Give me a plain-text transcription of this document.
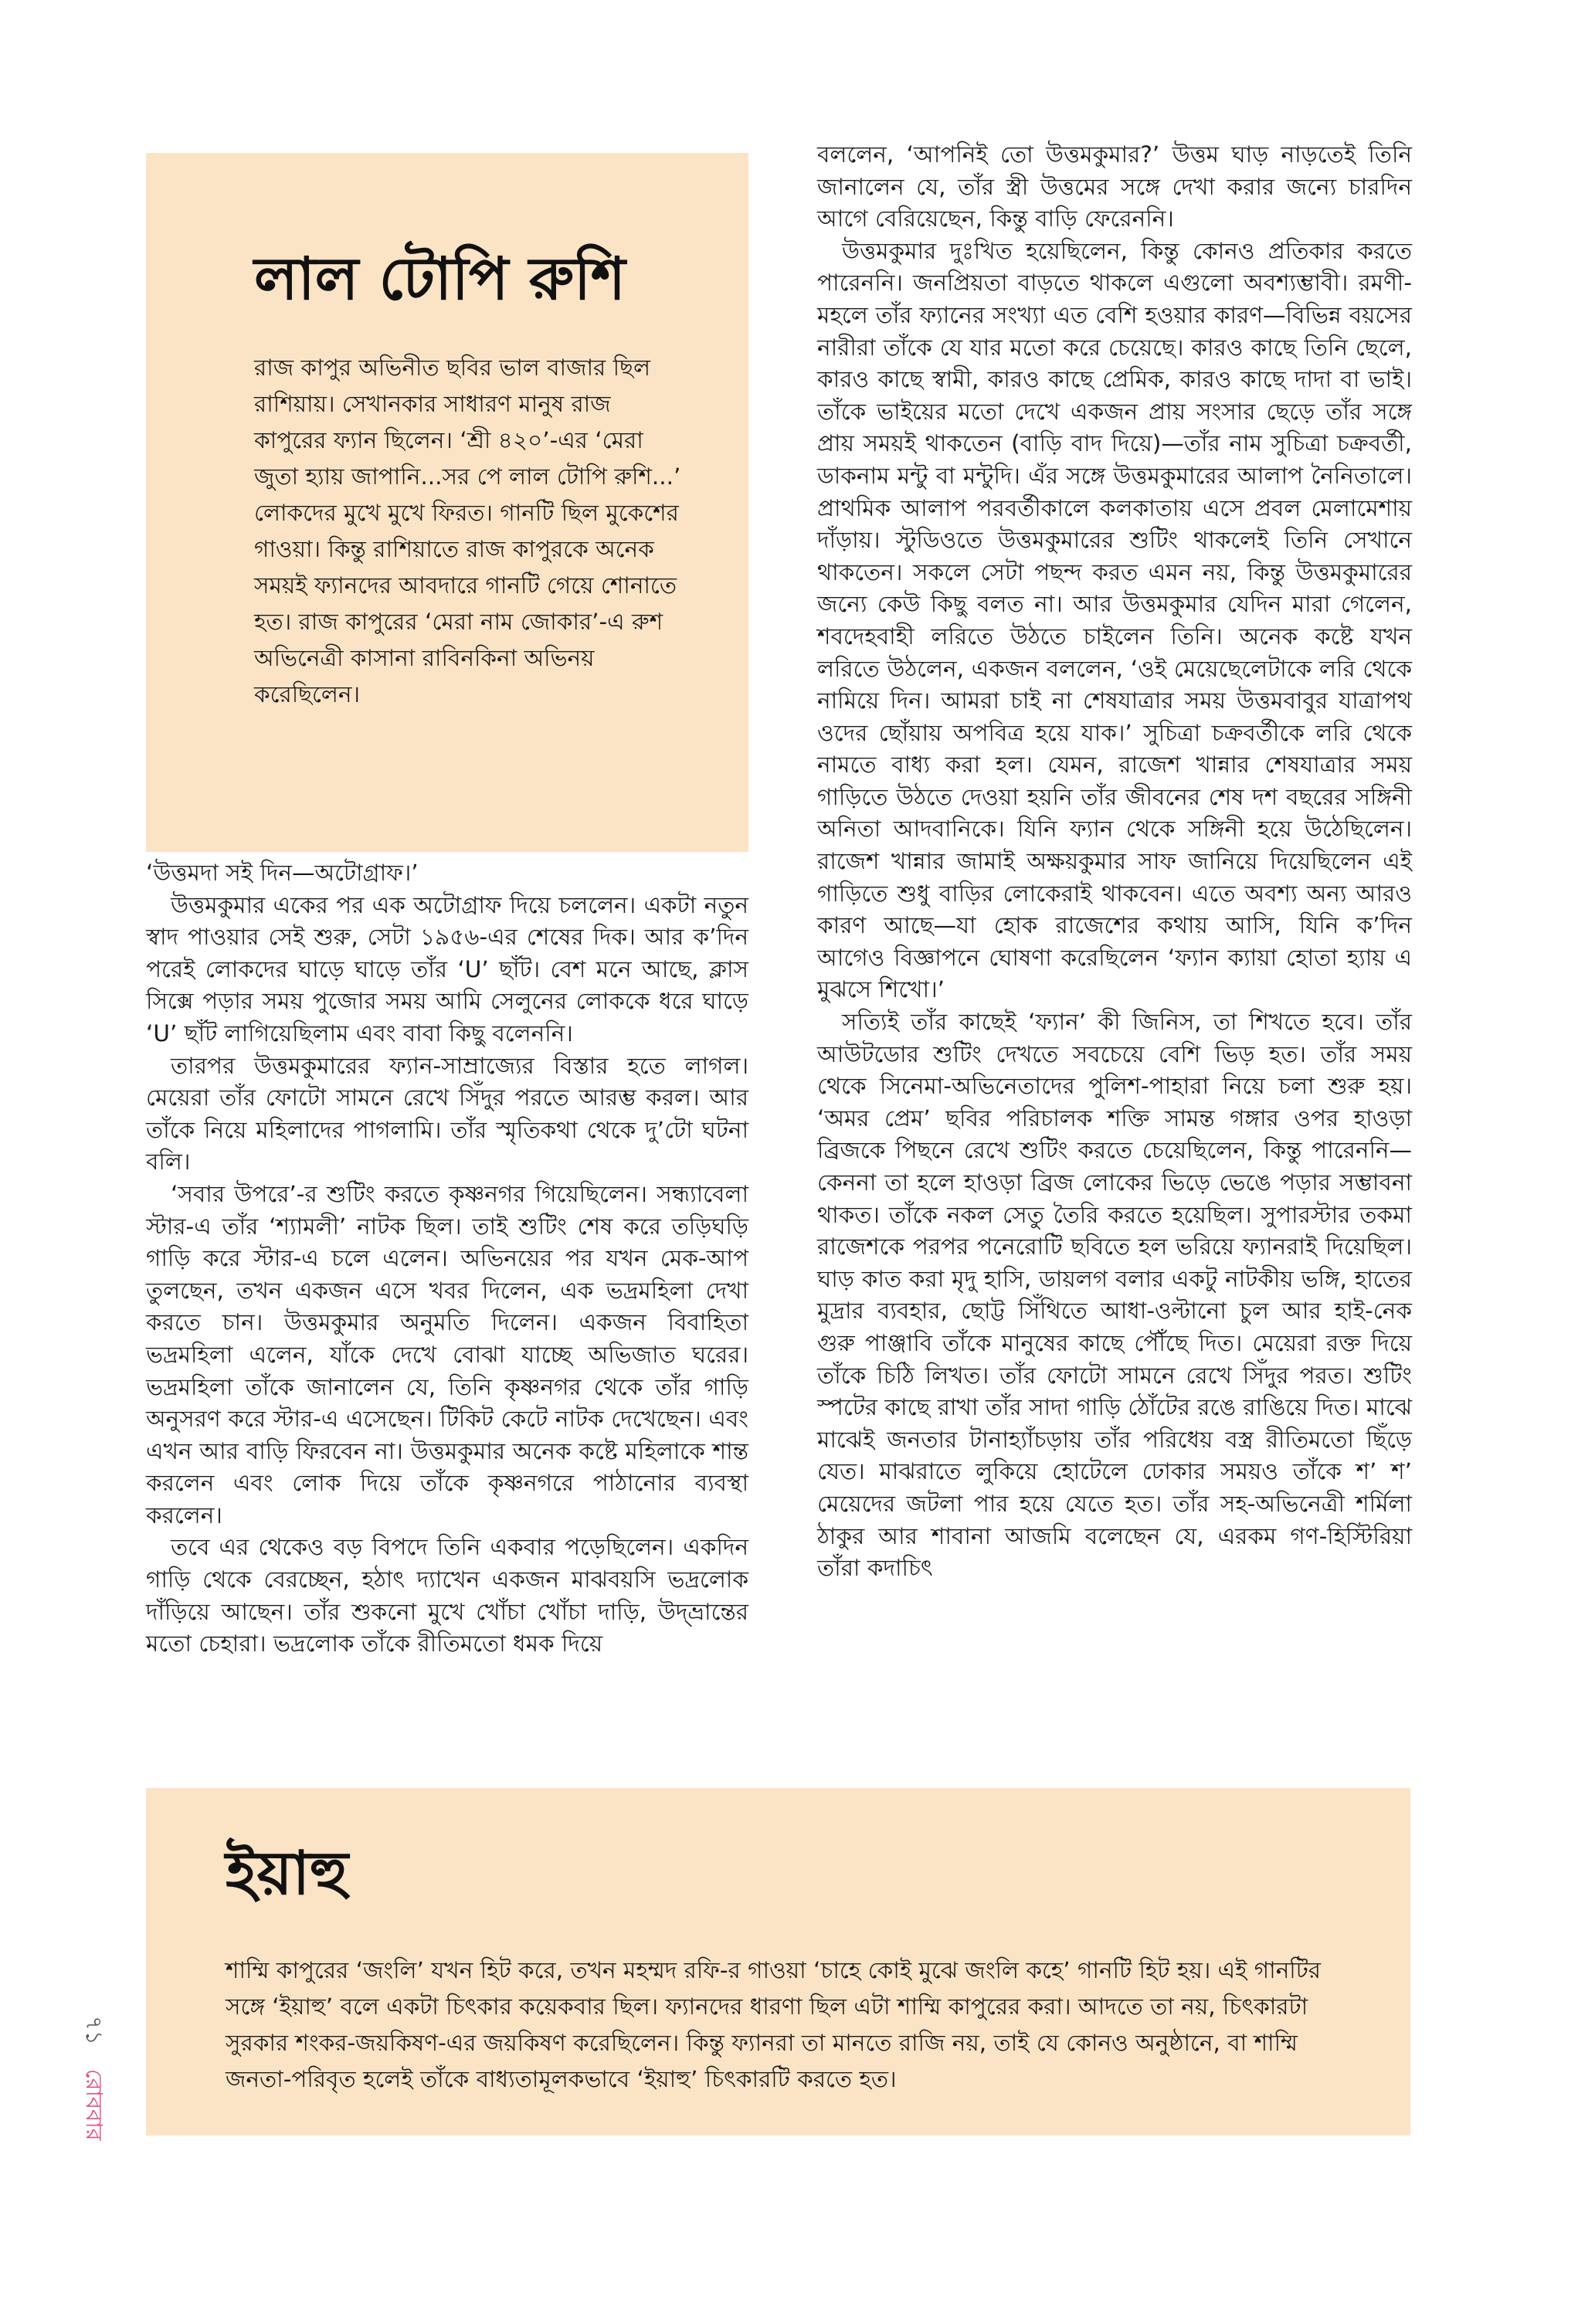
লাল টোপি রুশি

রাজ কাপুর অভিনীত ছবির ভাল বাজার ছিল রাশিয়ায়। সেখানকার সাধারণ মানুষ রাজ কাপুরের ফ্যান ছিলেন। ‘শ্রী ৪২০’-এর ‘মেরা জুতা হ্যায় জাপানি...সর পে লাল টোপি রুশি...’ লোকদের মুখে মুখে ফিরত। গানটি ছিল মুকেশের গাওয়া। কিন্তু রাশিয়াতে রাজ কাপুরকে অনেক সময়ই ফ্যানদের আবদারে গানটি গেয়ে শোনাতে হত। রাজ কাপুরের ‘মেরা নাম জোকার’-এ রুশ অভিনেত্রী কাসানা রাবিনকিনা অভিনয় করেছিলেন।

‘উত্তমদা সই দিন—অটোগ্রাফ।’

উত্তমকুমার একের পর এক অটোগ্রাফ দিয়ে চললেন। একটা নতুন স্বাদ পাওয়ার সেই শুরু, সেটা ১৯৫৬-এর শেষের দিক। আর ক’দিন পরেই লোকদের ঘাড়ে ঘাড়ে তাঁর ‘U’ ছাঁট। বেশ মনে আছে, ক্লাস সিক্সে পড়ার সময় পুজোর সময় আমি সেলুনের লোককে ধরে ঘাড়ে ‘U’ ছাঁট লাগিয়েছিলাম এবং বাবা কিছু বলেননি।

তারপর উত্তমকুমারের ফ্যান-সাম্রাজ্যের বিস্তার হতে লাগল। মেয়েরা তাঁর ফোটো সামনে রেখে সিঁদুর পরতে আরম্ভ করল। আর তাঁকে নিয়ে মহিলাদের পাগলামি। তাঁর স্মৃতিকথা থেকে দু’টো ঘটনা বলি।

‘সবার উপরে’-র শুটিং করতে কৃষ্ণনগর গিয়েছিলেন। সন্ধ্যাবেলা স্টার-এ তাঁর ‘শ্যামলী’ নাটক ছিল। তাই শুটিং শেষ করে তড়িঘড়ি গাড়ি করে স্টার-এ চলে এলেন। অভিনয়ের পর যখন মেক-আপ তুলছেন, তখন একজন এসে খবর দিলেন, এক ভদ্রমহিলা দেখা করতে চান। উত্তমকুমার অনুমতি দিলেন। একজন বিবাহিতা ভদ্রমহিলা এলেন, যাঁকে দেখে বোঝা যাচ্ছে অভিজাত ঘরের। ভদ্রমহিলা তাঁকে জানালেন যে, তিনি কৃষ্ণনগর থেকে তাঁর গাড়ি অনুসরণ করে স্টার-এ এসেছেন। টিকিট কেটে নাটক দেখেছেন। এবং এখন আর বাড়ি ফিরবেন না। উত্তমকুমার অনেক কষ্টে মহিলাকে শান্ত করলেন এবং লোক দিয়ে তাঁকে কৃষ্ণনগরে পাঠানোর ব্যবস্থা করলেন।

তবে এর থেকেও বড় বিপদে তিনি একবার পড়েছিলেন। একদিন গাড়ি থেকে বেরচ্ছেন, হঠাৎ দ্যাখেন একজন মাঝবয়সি ভদ্রলোক দাঁড়িয়ে আছেন। তাঁর শুকনো মুখে খোঁচা খোঁচা দাড়ি, উদ্‌ভ্রান্তের মতো চেহারা। ভদ্রলোক তাঁকে রীতিমতো ধমক দিয়ে

বললেন, ‘আপনিই তো উত্তমকুমার?’ উত্তম ঘাড় নাড়তেই তিনি জানালেন যে, তাঁর স্ত্রী উত্তমের সঙ্গে দেখা করার জন্যে চারদিন আগে বেরিয়েছেন, কিন্তু বাড়ি ফেরেননি।

উত্তমকুমার দুঃখিত হয়েছিলেন, কিন্তু কোনও প্রতিকার করতে পারেননি। জনপ্রিয়তা বাড়তে থাকলে এগুলো অবশ্যম্ভাবী। রমণী-মহলে তাঁর ফ্যানের সংখ্যা এত বেশি হওয়ার কারণ—বিভিন্ন বয়সের নারীরা তাঁকে যে যার মতো করে চেয়েছে। কারও কাছে তিনি ছেলে, কারও কাছে স্বামী, কারও কাছে প্রেমিক, কারও কাছে দাদা বা ভাই। তাঁকে ভাইয়ের মতো দেখে একজন প্রায় সংসার ছেড়ে তাঁর সঙ্গে প্রায় সময়ই থাকতেন (বাড়ি বাদ দিয়ে)—তাঁর নাম সুচিত্রা চক্রবর্তী, ডাকনাম মন্টু বা মন্টুদি। এঁর সঙ্গে উত্তমকুমারের আলাপ নৈনিতালে। প্রাথমিক আলাপ পরবর্তীকালে কলকাতায় এসে প্রবল মেলামেশায় দাঁড়ায়। স্টুডিওতে উত্তমকুমারের শুটিং থাকলেই তিনি সেখানে থাকতেন। সকলে সেটা পছন্দ করত এমন নয়, কিন্তু উত্তমকুমারের জন্যে কেউ কিছু বলত না। আর উত্তমকুমার যেদিন মারা গেলেন, শবদেহবাহী লরিতে উঠতে চাইলেন তিনি। অনেক কষ্টে যখন লরিতে উঠলেন, একজন বললেন, ‘ওই মেয়েছেলেটাকে লরি থেকে নামিয়ে দিন। আমরা চাই না শেষযাত্রার সময় উত্তমবাবুর যাত্রাপথ ওদের ছোঁয়ায় অপবিত্র হয়ে যাক।’ সুচিত্রা চক্রবর্তীকে লরি থেকে নামতে বাধ্য করা হল। যেমন, রাজেশ খান্নার শেষযাত্রার সময় গাড়িতে উঠতে দেওয়া হয়নি তাঁর জীবনের শেষ দশ বছরের সঙ্গিনী অনিতা আদবানিকে। যিনি ফ্যান থেকে সঙ্গিনী হয়ে উঠেছিলেন। রাজেশ খান্নার জামাই অক্ষয়কুমার সাফ জানিয়ে দিয়েছিলেন এই গাড়িতে শুধু বাড়ির লোকেরাই থাকবেন। এতে অবশ্য অন্য আরও কারণ আছে—যা হোক রাজেশের কথায় আসি, যিনি ক’দিন আগেও বিজ্ঞাপনে ঘোষণা করেছিলেন ‘ফ্যান ক্যায়া হোতা হ্যায় এ মুঝসে শিখো।’

সত্যিই তাঁর কাছেই ‘ফ্যান’ কী জিনিস, তা শিখতে হবে। তাঁর আউটডোর শুটিং দেখতে সবচেয়ে বেশি ভিড় হত। তাঁর সময় থেকে সিনেমা-অভিনেতাদের পুলিশ-পাহারা নিয়ে চলা শুরু হয়। ‘অমর প্রেম’ ছবির পরিচালক শক্তি সামন্ত গঙ্গার ওপর হাওড়া ব্রিজকে পিছনে রেখে শুটিং করতে চেয়েছিলেন, কিন্তু পারেননি—কেননা তা হলে হাওড়া ব্রিজ লোকের ভিড়ে ভেঙে পড়ার সম্ভাবনা থাকত। তাঁকে নকল সেতু তৈরি করতে হয়েছিল। সুপারস্টার তকমা রাজেশকে পরপর পনেরোটি ছবিতে হল ভরিয়ে ফ্যানরাই দিয়েছিল। ঘাড় কাত করা মৃদু হাসি, ডায়লগ বলার একটু নাটকীয় ভঙ্গি, হাতের মুদ্রার ব্যবহার, ছোট্ট সিঁথিতে আধা-ওল্টানো চুল আর হাই-নেক গুরু পাঞ্জাবি তাঁকে মানুষের কাছে পৌঁছে দিত। মেয়েরা রক্ত দিয়ে তাঁকে চিঠি লিখত। তাঁর ফোটো সামনে রেখে সিঁদুর পরত। শুটিং স্পটের কাছে রাখা তাঁর সাদা গাড়ি ঠোঁটের রঙে রাঙিয়ে দিত। মাঝে মাঝেই জনতার টানাহ্যাঁচড়ায় তাঁর পরিধেয় বস্ত্র রীতিমতো ছিঁড়ে যেত। মাঝরাতে লুকিয়ে হোটেলে ঢোকার সময়ও তাঁকে শ’ শ’ মেয়েদের জটলা পার হয়ে যেতে হত। তাঁর সহ-অভিনেত্রী শর্মিলা ঠাকুর আর শাবানা আজমি বলেছেন যে, এরকম গণ-হিস্টিরিয়া তাঁরা কদাচিৎ

ইয়াহু

শাম্মি কাপুরের ‘জংলি’ যখন হিট করে, তখন মহম্মদ রফি-র গাওয়া ‘চাহে কোই মুঝে জংলি কহে’ গানটি হিট হয়। এই গানটির সঙ্গে ‘ইয়াহু’ বলে একটা চিৎকার কয়েকবার ছিল। ফ্যানদের ধারণা ছিল এটা শাম্মি কাপুরের করা। আদতে তা নয়, চিৎকারটা সুরকার শংকর-জয়কিষণ-এর জয়কিষণ করেছিলেন। কিন্তু ফ্যানরা তা মানতে রাজি নয়, তাই যে কোনও অনুষ্ঠানে, বা শাম্মি জনতা-পরিবৃত হলেই তাঁকে বাধ্যতামূলকভাবে ‘ইয়াহু’ চিৎকারটি করতে হত।

৭১ রোববার
